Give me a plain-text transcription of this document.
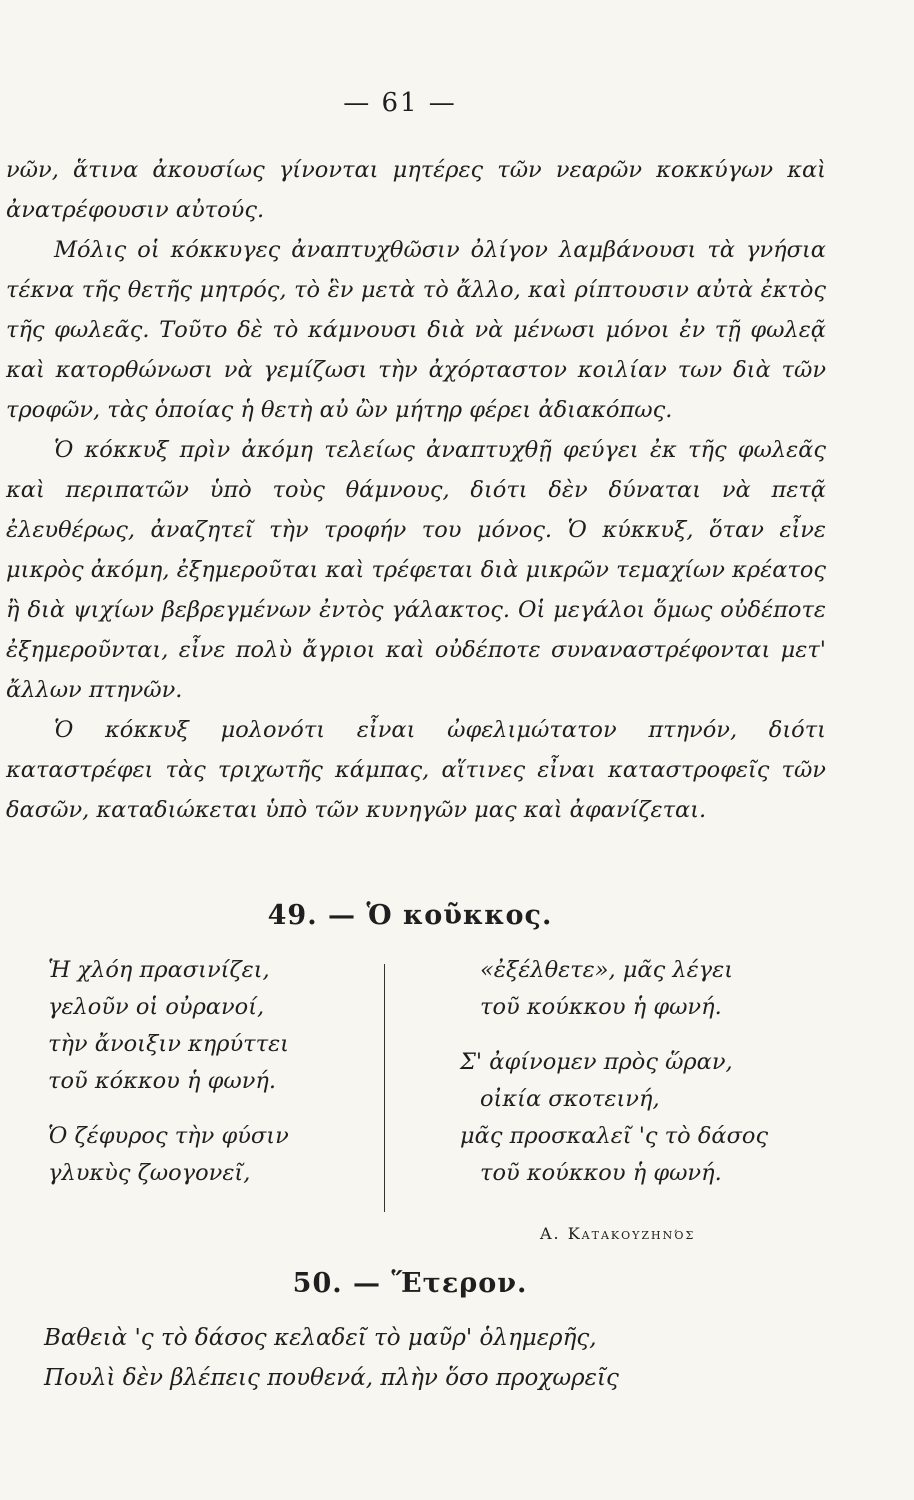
— 61 —

νῶν, ἅτινα ἀκουσίως γίνονται μητέρες τῶν νεαρῶν κοκκύγων καὶ ἀνατρέφουσιν αὐτούς.

Μόλις οἱ κόκκυγες ἀναπτυχθῶσιν ὀλίγον λαμβάνουσι τὰ γνήσια τέκνα τῆς θετῆς μητρός, τὸ ἓν μετὰ τὸ ἄλλο, καὶ ρίπτουσιν αὐτὰ ἐκτὸς τῆς φωλεᾶς. Τοῦτο δὲ τὸ κάμνουσι διὰ νὰ μένωσι μόνοι ἐν τῇ φωλεᾷ καὶ κατορθώνωσι νὰ γεμίζωσι τὴν ἀχόρταστον κοιλίαν των διὰ τῶν τροφῶν, τὰς ὁποίας ἡ θετὴ αὐ ὢν μήτηρ φέρει ἀδιακόπως.

Ὁ κόκκυξ πρὶν ἀκόμη τελείως ἀναπτυχθῇ φεύγει ἐκ τῆς φωλεᾶς καὶ περιπατῶν ὑπὸ τοὺς θάμνους, διότι δὲν δύναται νὰ πετᾷ ἐλευθέρως, ἀναζητεῖ τὴν τροφήν του μόνος. Ὁ κύκκυξ, ὅταν εἶνε μικρὸς ἀκόμη, ἐξημεροῦται καὶ τρέφεται διὰ μικρῶν τεμαχίων κρέατος ἢ διὰ ψιχίων βεβρεγμένων ἐντὸς γάλακτος. Οἱ μεγάλοι ὅμως οὐδέποτε ἐξημεροῦνται, εἶνε πολὺ ἄγριοι καὶ οὐδέποτε συναναστρέφονται μετ' ἄλλων πτηνῶν.

Ὁ κόκκυξ μολονότι εἶναι ὠφελιμώτατον πτηνόν, διότι καταστρέφει τὰς τριχωτῆς κάμπας, αἵτινες εἶναι καταστροφεῖς τῶν δασῶν, καταδιώκεται ὑπὸ τῶν κυνηγῶν μας καὶ ἀφανίζεται.

49. — Ὁ κοῦκκος.
Ἡ χλόη πρασινίζει,
γελοῦν οἱ οὐρανοί,
τὴν ἄνοιξιν κηρύττει
τοῦ κόκκου ἡ φωνή.
Ὁ ζέφυρος τὴν φύσιν
γλυκὺς ζωογονεῖ,
«ἐξέλθετε», μᾶς λέγει
τοῦ κούκκου ἡ φωνή.
Σ' ἀφίνομεν πρὸς ὥραν,
οἰκία σκοτεινή,
μᾶς προσκαλεῖ 'ς τὸ δάσος
τοῦ κούκκου ἡ φωνή.
Α. Κατακουζηνός
50. — Ἕτερον.
Βαθειὰ 'ς τὸ δάσος κελαδεῖ τὸ μαῦρ' ὁλημερῆς,
Πουλὶ δὲν βλέπεις πουθενά, πλὴν ὅσο προχωρεῖς
